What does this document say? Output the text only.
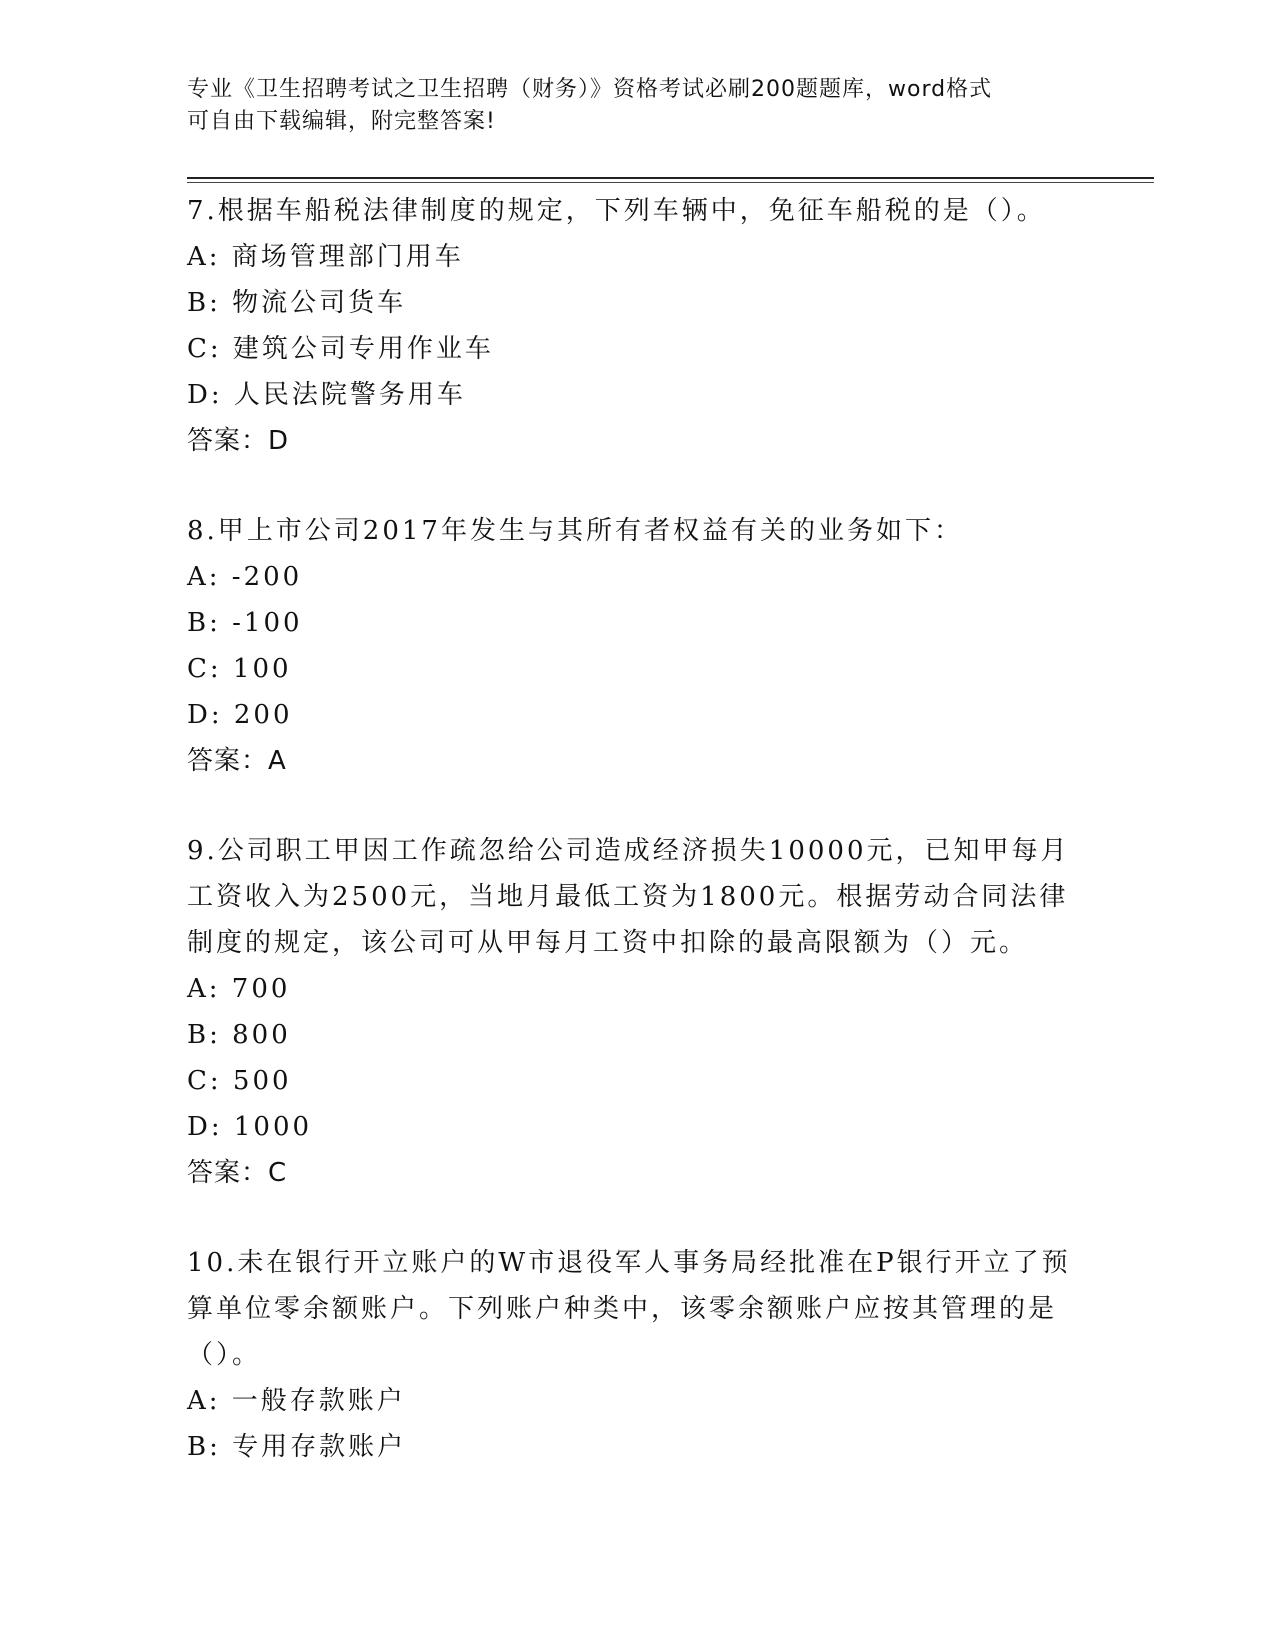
专业《卫生招聘考试之卫生招聘（财务）》资格考试必刷200题题库，word格式

可自由下载编辑，附完整答案!

7.根据车船税法律制度的规定，下列车辆中，免征车船税的是（）。
A: 商场管理部门用车
B: 物流公司货车
C: 建筑公司专用作业车
D: 人民法院警务用车
答案：D
8.甲上市公司2017年发生与其所有者权益有关的业务如下：
A: -200
B: -100
C: 100
D: 200
答案：A
9.公司职工甲因工作疏忽给公司造成经济损失10000元，已知甲每月
工资收入为2500元，当地月最低工资为1800元。根据劳动合同法律
制度的规定，该公司可从甲每月工资中扣除的最高限额为（）元。
A: 700
B: 800
C: 500
D: 1000
答案：C
10.未在银行开立账户的W市退役军人事务局经批准在P银行开立了预
算单位零余额账户。下列账户种类中，该零余额账户应按其管理的是
（）。
A: 一般存款账户
B: 专用存款账户
